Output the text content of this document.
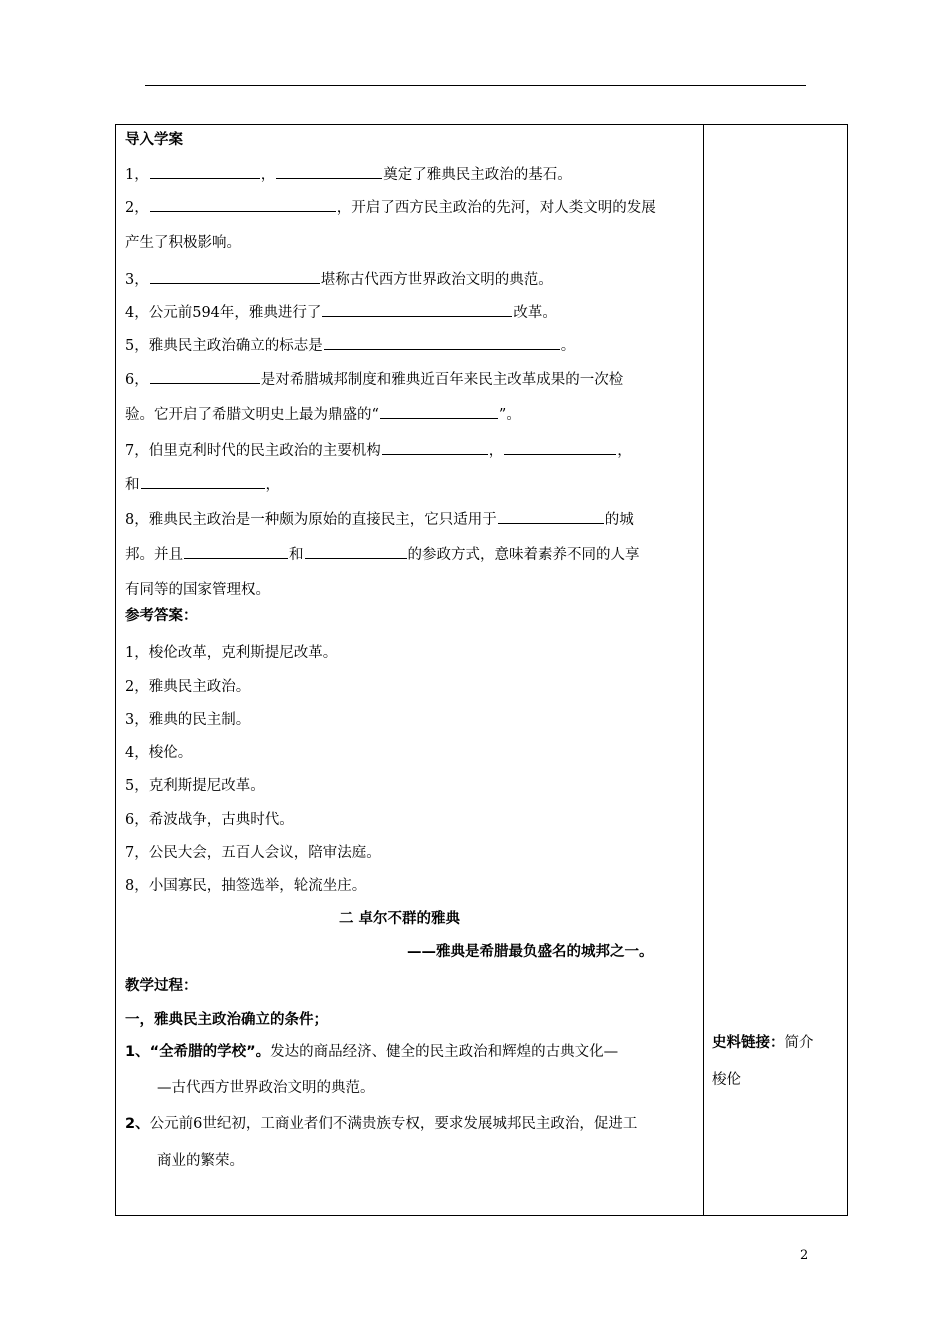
导入学案
1，	，	奠定了雅典民主政治的基石。
2，	，开启了西方民主政治的先河，对人类文明的发展
产生了积极影响。
3，	堪称古代西方世界政治文明的典范。
4，公元前594年，雅典进行了	改革。
5，雅典民主政治确立的标志是	。
6，	是对希腊城邦制度和雅典近百年来民主改革成果的一次检
验。它开启了希腊文明史上最为鼎盛的“	”。
7，伯里克利时代的民主政治的主要机构	，	，
和	，
8，雅典民主政治是一种颇为原始的直接民主，它只适用于	的城
邦。并且	和	的参政方式，意味着素养不同的人享
有同等的国家管理权。
参考答案：
1，梭伦改革，克利斯提尼改革。
2，雅典民主政治。
3，雅典的民主制。
4，梭伦。
5，克利斯提尼改革。
6，希波战争，古典时代。
7，公民大会，五百人会议，陪审法庭。
8，小国寡民，抽签选举，轮流坐庄。
二 卓尔不群的雅典
——雅典是希腊最负盛名的城邦之一。
教学过程：
一，雅典民主政治确立的条件；
1、“全希腊的学校”。发达的商品经济、健全的民主政治和辉煌的古典文化—
—古代西方世界政治文明的典范。
2、公元前6世纪初，工商业者们不满贵族专权，要求发展城邦民主政治，促进工
商业的繁荣。
史料链接：简介
梭伦
2
